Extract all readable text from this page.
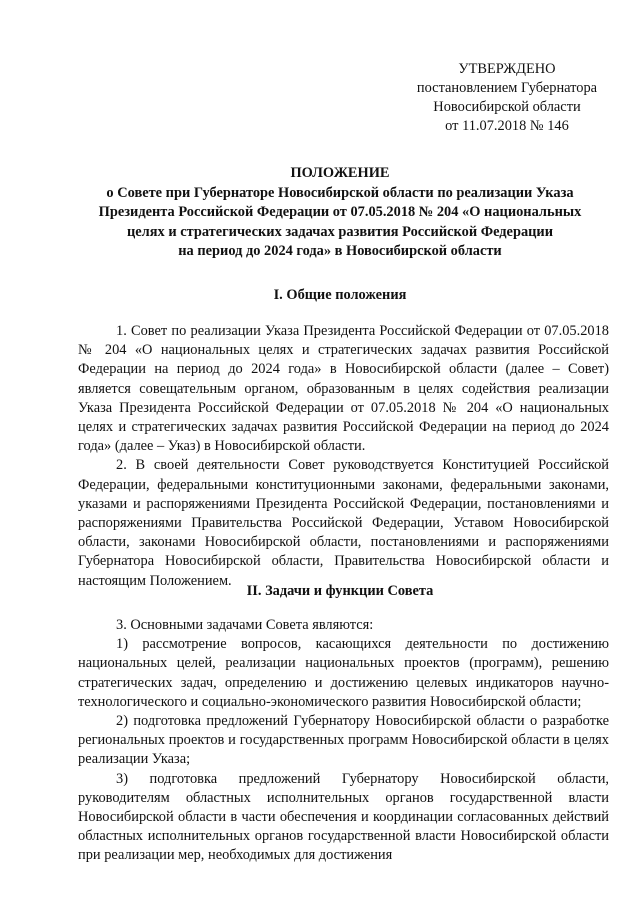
УТВЕРЖДЕНО
постановлением Губернатора
Новосибирской области
от 11.07.2018 № 146
ПОЛОЖЕНИЕ
о Совете при Губернаторе Новосибирской области по реализации Указа
Президента Российской Федерации от 07.05.2018 № 204 «О национальных
целях и стратегических задачах развития Российской Федерации
на период до 2024 года» в Новосибирской области
I. Общие положения

1. Совет по реализации Указа Президента Российской Федерации от 07.05.2018 № 204 «О национальных целях и стратегических задачах развития Российской Федерации на период до 2024 года» в Новосибирской области (далее – Совет) является совещательным органом, образованным в целях содействия реализации Указа Президента Российской Федерации от 07.05.2018 № 204 «О национальных целях и стратегических задачах развития Российской Федерации на период до 2024 года» (далее – Указ) в Новосибирской области.

2. В своей деятельности Совет руководствуется Конституцией Российской Федерации, федеральными конституционными законами, федеральными законами, указами и распоряжениями Президента Российской Федерации, постановлениями и распоряжениями Правительства Российской Федерации, Уставом Новосибирской области, законами Новосибирской области, постановлениями и распоряжениями Губернатора Новосибирской области, Правительства Новосибирской области и настоящим Положением.

II. Задачи и функции Совета

3. Основными задачами Совета являются:

1) рассмотрение вопросов, касающихся деятельности по достижению национальных целей, реализации национальных проектов (программ), решению стратегических задач, определению и достижению целевых индикаторов научно-технологического и социально-экономического развития Новосибирской области;

2) подготовка предложений Губернатору Новосибирской области о разработке региональных проектов и государственных программ Новосибирской области в целях реализации Указа;

3) подготовка предложений Губернатору Новосибирской области, руководителям областных исполнительных органов государственной власти Новосибирской области в части обеспечения и координации согласованных действий областных исполнительных органов государственной власти Новосибирской области при реализации мер, необходимых для достижения
